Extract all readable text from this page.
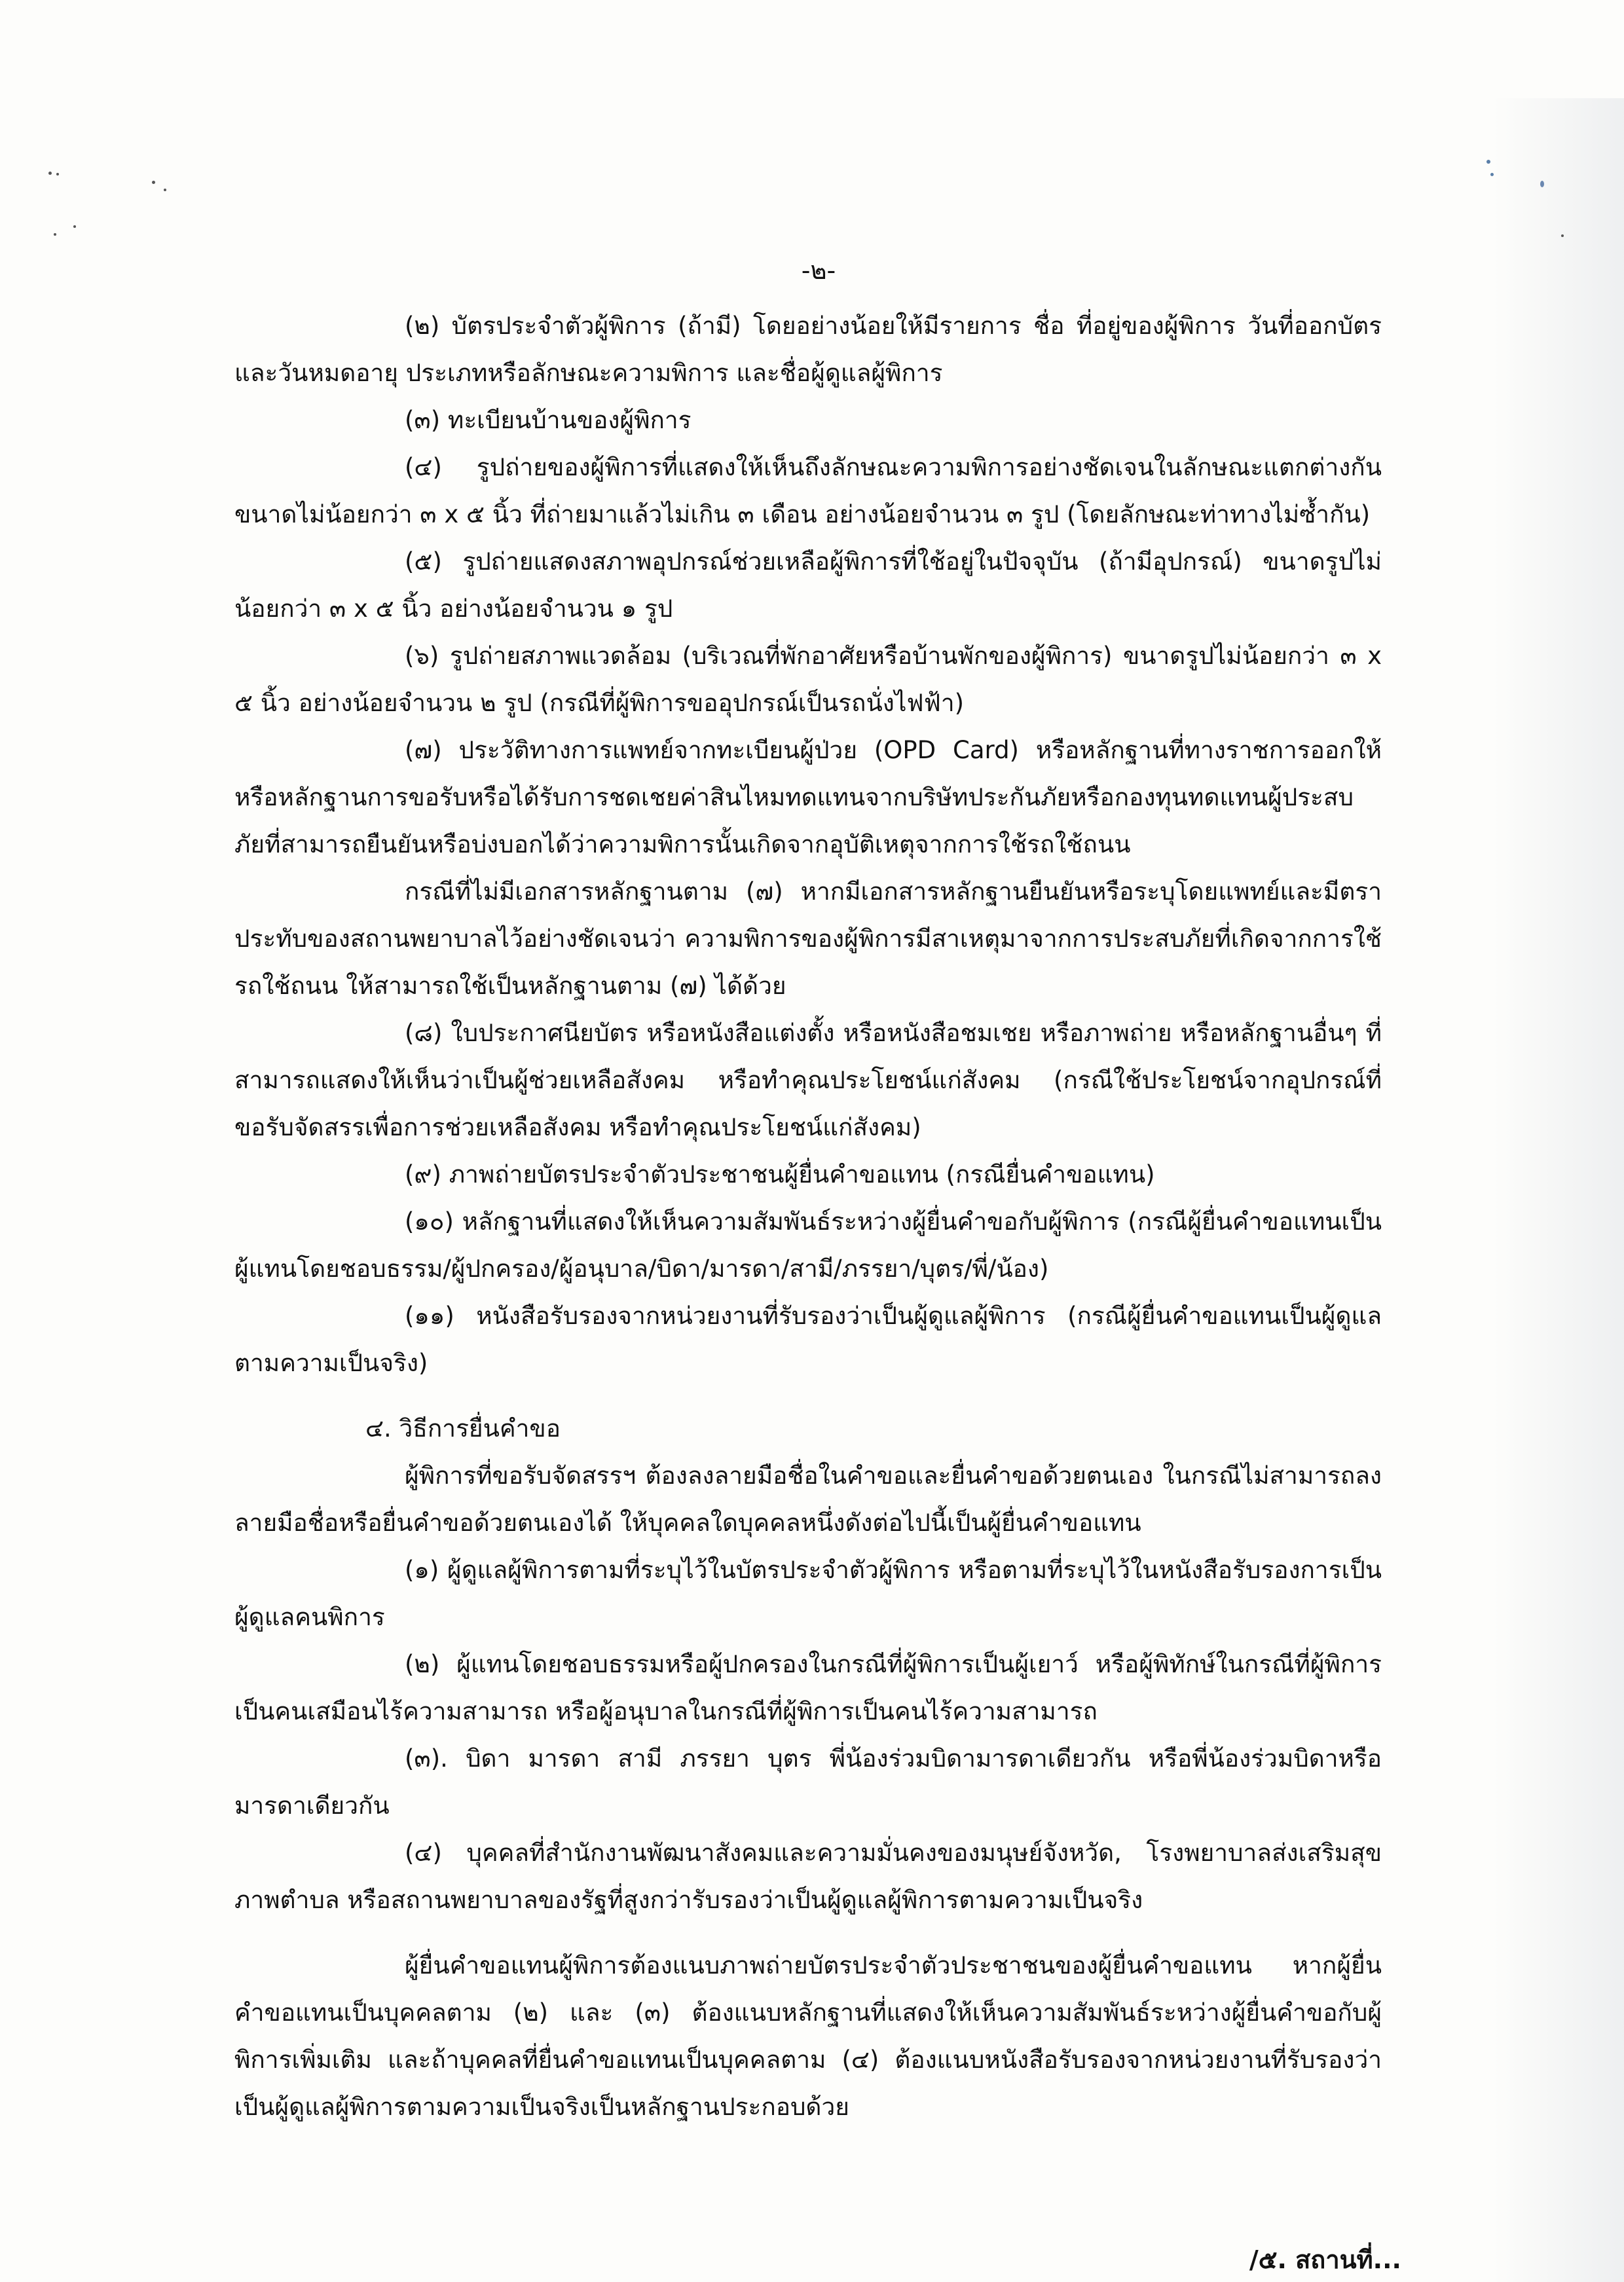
-๒-

(๒) บัตรประจำตัวผู้พิการ (ถ้ามี) โดยอย่างน้อยให้มีรายการ ชื่อ ที่อยู่ของผู้พิการ วันที่ออกบัตร และวันหมดอายุ ประเภทหรือลักษณะความพิการ และชื่อผู้ดูแลผู้พิการ

(๓) ทะเบียนบ้านของผู้พิการ

(๔) รูปถ่ายของผู้พิการที่แสดงให้เห็นถึงลักษณะความพิการอย่างชัดเจนในลักษณะแตกต่างกัน ขนาดไม่น้อยกว่า ๓ x ๕ นิ้ว ที่ถ่ายมาแล้วไม่เกิน ๓ เดือน อย่างน้อยจำนวน ๓ รูป (โดยลักษณะท่าทางไม่ซ้ำกัน)

(๕) รูปถ่ายแสดงสภาพอุปกรณ์ช่วยเหลือผู้พิการที่ใช้อยู่ในปัจจุบัน (ถ้ามีอุปกรณ์) ขนาดรูปไม่น้อยกว่า ๓ x ๕ นิ้ว อย่างน้อยจำนวน ๑ รูป

(๖) รูปถ่ายสภาพแวดล้อม (บริเวณที่พักอาศัยหรือบ้านพักของผู้พิการ) ขนาดรูปไม่น้อยกว่า ๓ x ๕ นิ้ว อย่างน้อยจำนวน ๒ รูป (กรณีที่ผู้พิการขออุปกรณ์เป็นรถนั่งไฟฟ้า)

(๗) ประวัติทางการแพทย์จากทะเบียนผู้ป่วย (OPD Card) หรือหลักฐานที่ทางราชการออกให้ หรือหลักฐานการขอรับหรือได้รับการชดเชยค่าสินไหมทดแทนจากบริษัทประกันภัยหรือกองทุนทดแทนผู้ประสบภัยที่สามารถยืนยันหรือบ่งบอกได้ว่าความพิการนั้นเกิดจากอุบัติเหตุจากการใช้รถใช้ถนน

กรณีที่ไม่มีเอกสารหลักฐานตาม (๗) หากมีเอกสารหลักฐานยืนยันหรือระบุโดยแพทย์และมีตราประทับของสถานพยาบาลไว้อย่างชัดเจนว่า ความพิการของผู้พิการมีสาเหตุมาจากการประสบภัยที่เกิดจากการใช้รถใช้ถนน ให้สามารถใช้เป็นหลักฐานตาม (๗) ได้ด้วย

(๘) ใบประกาศนียบัตร หรือหนังสือแต่งตั้ง หรือหนังสือชมเชย หรือภาพถ่าย หรือหลักฐานอื่นๆ ที่สามารถแสดงให้เห็นว่าเป็นผู้ช่วยเหลือสังคม หรือทำคุณประโยชน์แก่สังคม (กรณีใช้ประโยชน์จากอุปกรณ์ที่ขอรับจัดสรรเพื่อการช่วยเหลือสังคม หรือทำคุณประโยชน์แก่สังคม)

(๙) ภาพถ่ายบัตรประจำตัวประชาชนผู้ยื่นคำขอแทน (กรณียื่นคำขอแทน)

(๑๐) หลักฐานที่แสดงให้เห็นความสัมพันธ์ระหว่างผู้ยื่นคำขอกับผู้พิการ (กรณีผู้ยื่นคำขอแทนเป็นผู้แทนโดยชอบธรรม/ผู้ปกครอง/ผู้อนุบาล/บิดา/มารดา/สามี/ภรรยา/บุตร/พี่/น้อง)

(๑๑) หนังสือรับรองจากหน่วยงานที่รับรองว่าเป็นผู้ดูแลผู้พิการ (กรณีผู้ยื่นคำขอแทนเป็นผู้ดูแลตามความเป็นจริง)

๔. วิธีการยื่นคำขอ

ผู้พิการที่ขอรับจัดสรรฯ ต้องลงลายมือชื่อในคำขอและยื่นคำขอด้วยตนเอง ในกรณีไม่สามารถลงลายมือชื่อหรือยื่นคำขอด้วยตนเองได้ ให้บุคคลใดบุคคลหนึ่งดังต่อไปนี้เป็นผู้ยื่นคำขอแทน

(๑) ผู้ดูแลผู้พิการตามที่ระบุไว้ในบัตรประจำตัวผู้พิการ หรือตามที่ระบุไว้ในหนังสือรับรองการเป็นผู้ดูแลคนพิการ

(๒) ผู้แทนโดยชอบธรรมหรือผู้ปกครองในกรณีที่ผู้พิการเป็นผู้เยาว์ หรือผู้พิทักษ์ในกรณีที่ผู้พิการเป็นคนเสมือนไร้ความสามารถ หรือผู้อนุบาลในกรณีที่ผู้พิการเป็นคนไร้ความสามารถ

(๓). บิดา มารดา สามี ภรรยา บุตร พี่น้องร่วมบิดามารดาเดียวกัน หรือพี่น้องร่วมบิดาหรือมารดาเดียวกัน

(๔) บุคคลที่สำนักงานพัฒนาสังคมและความมั่นคงของมนุษย์จังหวัด, โรงพยาบาลส่งเสริมสุขภาพตำบล หรือสถานพยาบาลของรัฐที่สูงกว่ารับรองว่าเป็นผู้ดูแลผู้พิการตามความเป็นจริง

ผู้ยื่นคำขอแทนผู้พิการต้องแนบภาพถ่ายบัตรประจำตัวประชาชนของผู้ยื่นคำขอแทน หากผู้ยื่นคำขอแทนเป็นบุคคลตาม (๒) และ (๓) ต้องแนบหลักฐานที่แสดงให้เห็นความสัมพันธ์ระหว่างผู้ยื่นคำขอกับผู้พิการเพิ่มเติม และถ้าบุคคลที่ยื่นคำขอแทนเป็นบุคคลตาม (๔) ต้องแนบหนังสือรับรองจากหน่วยงานที่รับรองว่าเป็นผู้ดูแลผู้พิการตามความเป็นจริงเป็นหลักฐานประกอบด้วย

/๕. สถานที่...
